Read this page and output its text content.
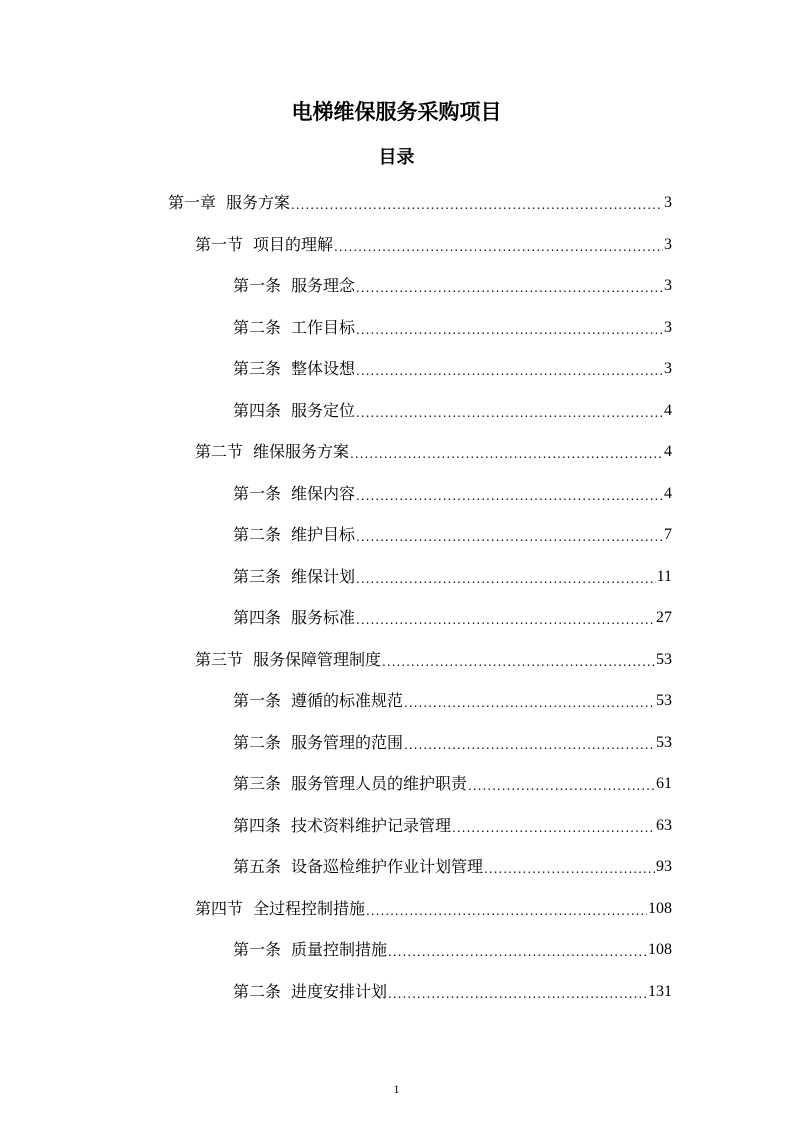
电梯维保服务采购项目
目录
第一章 服务方案 .....	3
第一节 项目的理解 .....	3
第一条 服务理念 .....	3
第二条 工作目标 .....	3
第三条 整体设想 .....	3
第四条 服务定位 .....	4
第二节 维保服务方案 .....	4
第一条 维保内容 .....	4
第二条 维护目标 .....	7
第三条 维保计划 .....	11
第四条 服务标准 .....	27
第三节 服务保障管理制度 .....	53
第一条 遵循的标准规范 .....	53
第二条 服务管理的范围 .....	53
第三条 服务管理人员的维护职责 .....	61
第四条 技术资料维护记录管理 .....	63
第五条 设备巡检维护作业计划管理 .....	93
第四节 全过程控制措施 .....	108
第一条 质量控制措施 .....	108
第二条 进度安排计划 .....	131
1
